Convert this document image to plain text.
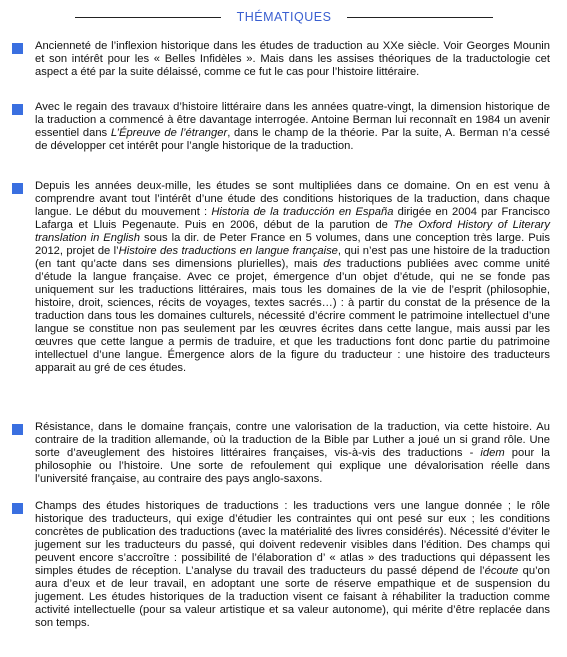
THÉMATIQUES

Ancienneté de l’inflexion historique dans les études de traduction au XXe siècle. Voir Georges Mounin et son intérêt pour les « Belles Infidèles ». Mais dans les assises théoriques de la traductologie cet aspect a été par la suite délaissé, comme ce fut le cas pour l’histoire littéraire.

Avec le regain des travaux d’histoire littéraire dans les années quatre-vingt, la dimension historique de la traduction a commencé à être davantage interrogée. Antoine Berman lui reconnaît en 1984 un avenir essentiel dans L’Épreuve de l’étranger, dans le champ de la théorie. Par la suite, A. Berman n’a cessé de développer cet intérêt pour l’angle historique de la traduction.

Depuis les années deux-mille, les études se sont multipliées dans ce domaine. On en est venu à comprendre avant tout l’intérêt d’une étude des conditions historiques de la traduction, dans chaque langue. Le début du mouvement : Historia de la traducción en España dirigée en 2004 par Francisco Lafarga et Lluis Pegenaute. Puis en 2006, début de la parution de The Oxford History of Literary translation in English sous la dir. de Peter France en 5 volumes, dans une conception très large. Puis 2012, projet de l’Histoire des traductions en langue française, qui n’est pas une histoire de la traduction (en tant qu’acte dans ses dimensions plurielles), mais des traductions publiées avec comme unité d’étude la langue française. Avec ce projet, émergence d’un objet d’étude, qui ne se fonde pas uniquement sur les traductions littéraires, mais tous les domaines de la vie de l’esprit (philosophie, histoire, droit, sciences, récits de voyages, textes sacrés…) : à partir du constat de la présence de la traduction dans tous les domaines culturels, nécessité d’écrire comment le patrimoine intellectuel d’une langue se constitue non pas seulement par les œuvres écrites dans cette langue, mais aussi par les œuvres que cette langue a permis de traduire, et que les traductions font donc partie du patrimoine intellectuel d’une langue. Émergence alors de la figure du traducteur : une histoire des traducteurs apparait au gré de ces études.

Résistance, dans le domaine français, contre une valorisation de la traduction, via cette histoire. Au contraire de la tradition allemande, où la traduction de la Bible par Luther a joué un si grand rôle. Une sorte d’aveuglement des histoires littéraires françaises, vis-à-vis des traductions - idem pour la philosophie ou l’histoire. Une sorte de refoulement qui explique une dévalorisation réelle dans l’université française, au contraire des pays anglo-saxons.

Champs des études historiques de traductions : les traductions vers une langue donnée ; le rôle historique des traducteurs, qui exige d’étudier les contraintes qui ont pesé sur eux ; les conditions concrètes de publication des traductions (avec la matérialité des livres considérés). Nécessité d’éviter le jugement sur les traducteurs du passé, qui doivent redevenir visibles dans l’édition. Des champs qui peuvent encore s’accroître : possibilité de l’élaboration d’ « atlas » des traductions qui dépassent les simples études de réception. L’analyse du travail des traducteurs du passé dépend de l’écoute qu’on aura d’eux et de leur travail, en adoptant une sorte de réserve empathique et de suspension du jugement. Les études historiques de la traduction visent ce faisant à réhabiliter la traduction comme activité intellectuelle (pour sa valeur artistique et sa valeur autonome), qui mérite d’être replacée dans son temps.
